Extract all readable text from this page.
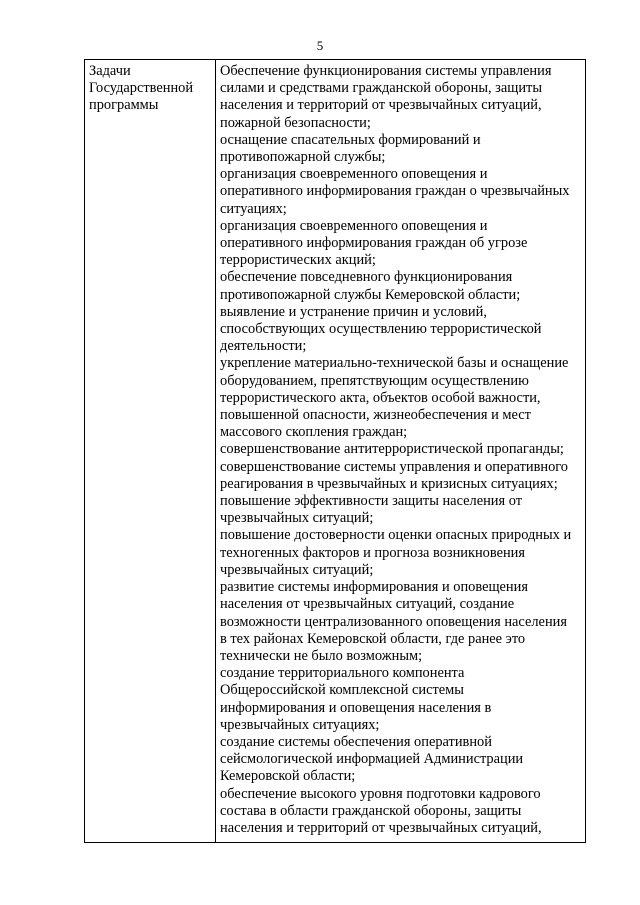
5

Задачи
Государственной
программы

Обеспечение функционирования системы управления
силами и средствами гражданской обороны, защиты
населения и территорий от чрезвычайных ситуаций,
пожарной безопасности;
оснащение спасательных формирований и
противопожарной службы;
организация своевременного оповещения и
оперативного информирования граждан о чрезвычайных
ситуациях;
организация своевременного оповещения и
оперативного информирования граждан об угрозе
террористических акций;
обеспечение повседневного функционирования
противопожарной службы Кемеровской области;
выявление и устранение причин и условий,
способствующих осуществлению террористической
деятельности;
укрепление материально-технической базы и оснащение
оборудованием, препятствующим осуществлению
террористического акта, объектов особой важности,
повышенной опасности, жизнеобеспечения и мест
массового скопления граждан;
совершенствование антитеррористической пропаганды;
совершенствование системы управления и оперативного
реагирования в чрезвычайных и кризисных ситуациях;
повышение эффективности защиты населения от
чрезвычайных ситуаций;
повышение достоверности оценки опасных природных и
техногенных факторов и прогноза возникновения
чрезвычайных ситуаций;
развитие системы информирования и оповещения
населения от чрезвычайных ситуаций, создание
возможности централизованного оповещения населения
в тех районах Кемеровской области, где ранее это
технически не было возможным;
создание территориального компонента
Общероссийской комплексной системы
информирования и оповещения населения в
чрезвычайных ситуациях;
создание системы обеспечения оперативной
сейсмологической информацией Администрации
Кемеровской области;
обеспечение высокого уровня подготовки кадрового
состава в области гражданской обороны, защиты
населения и территорий от чрезвычайных ситуаций,
